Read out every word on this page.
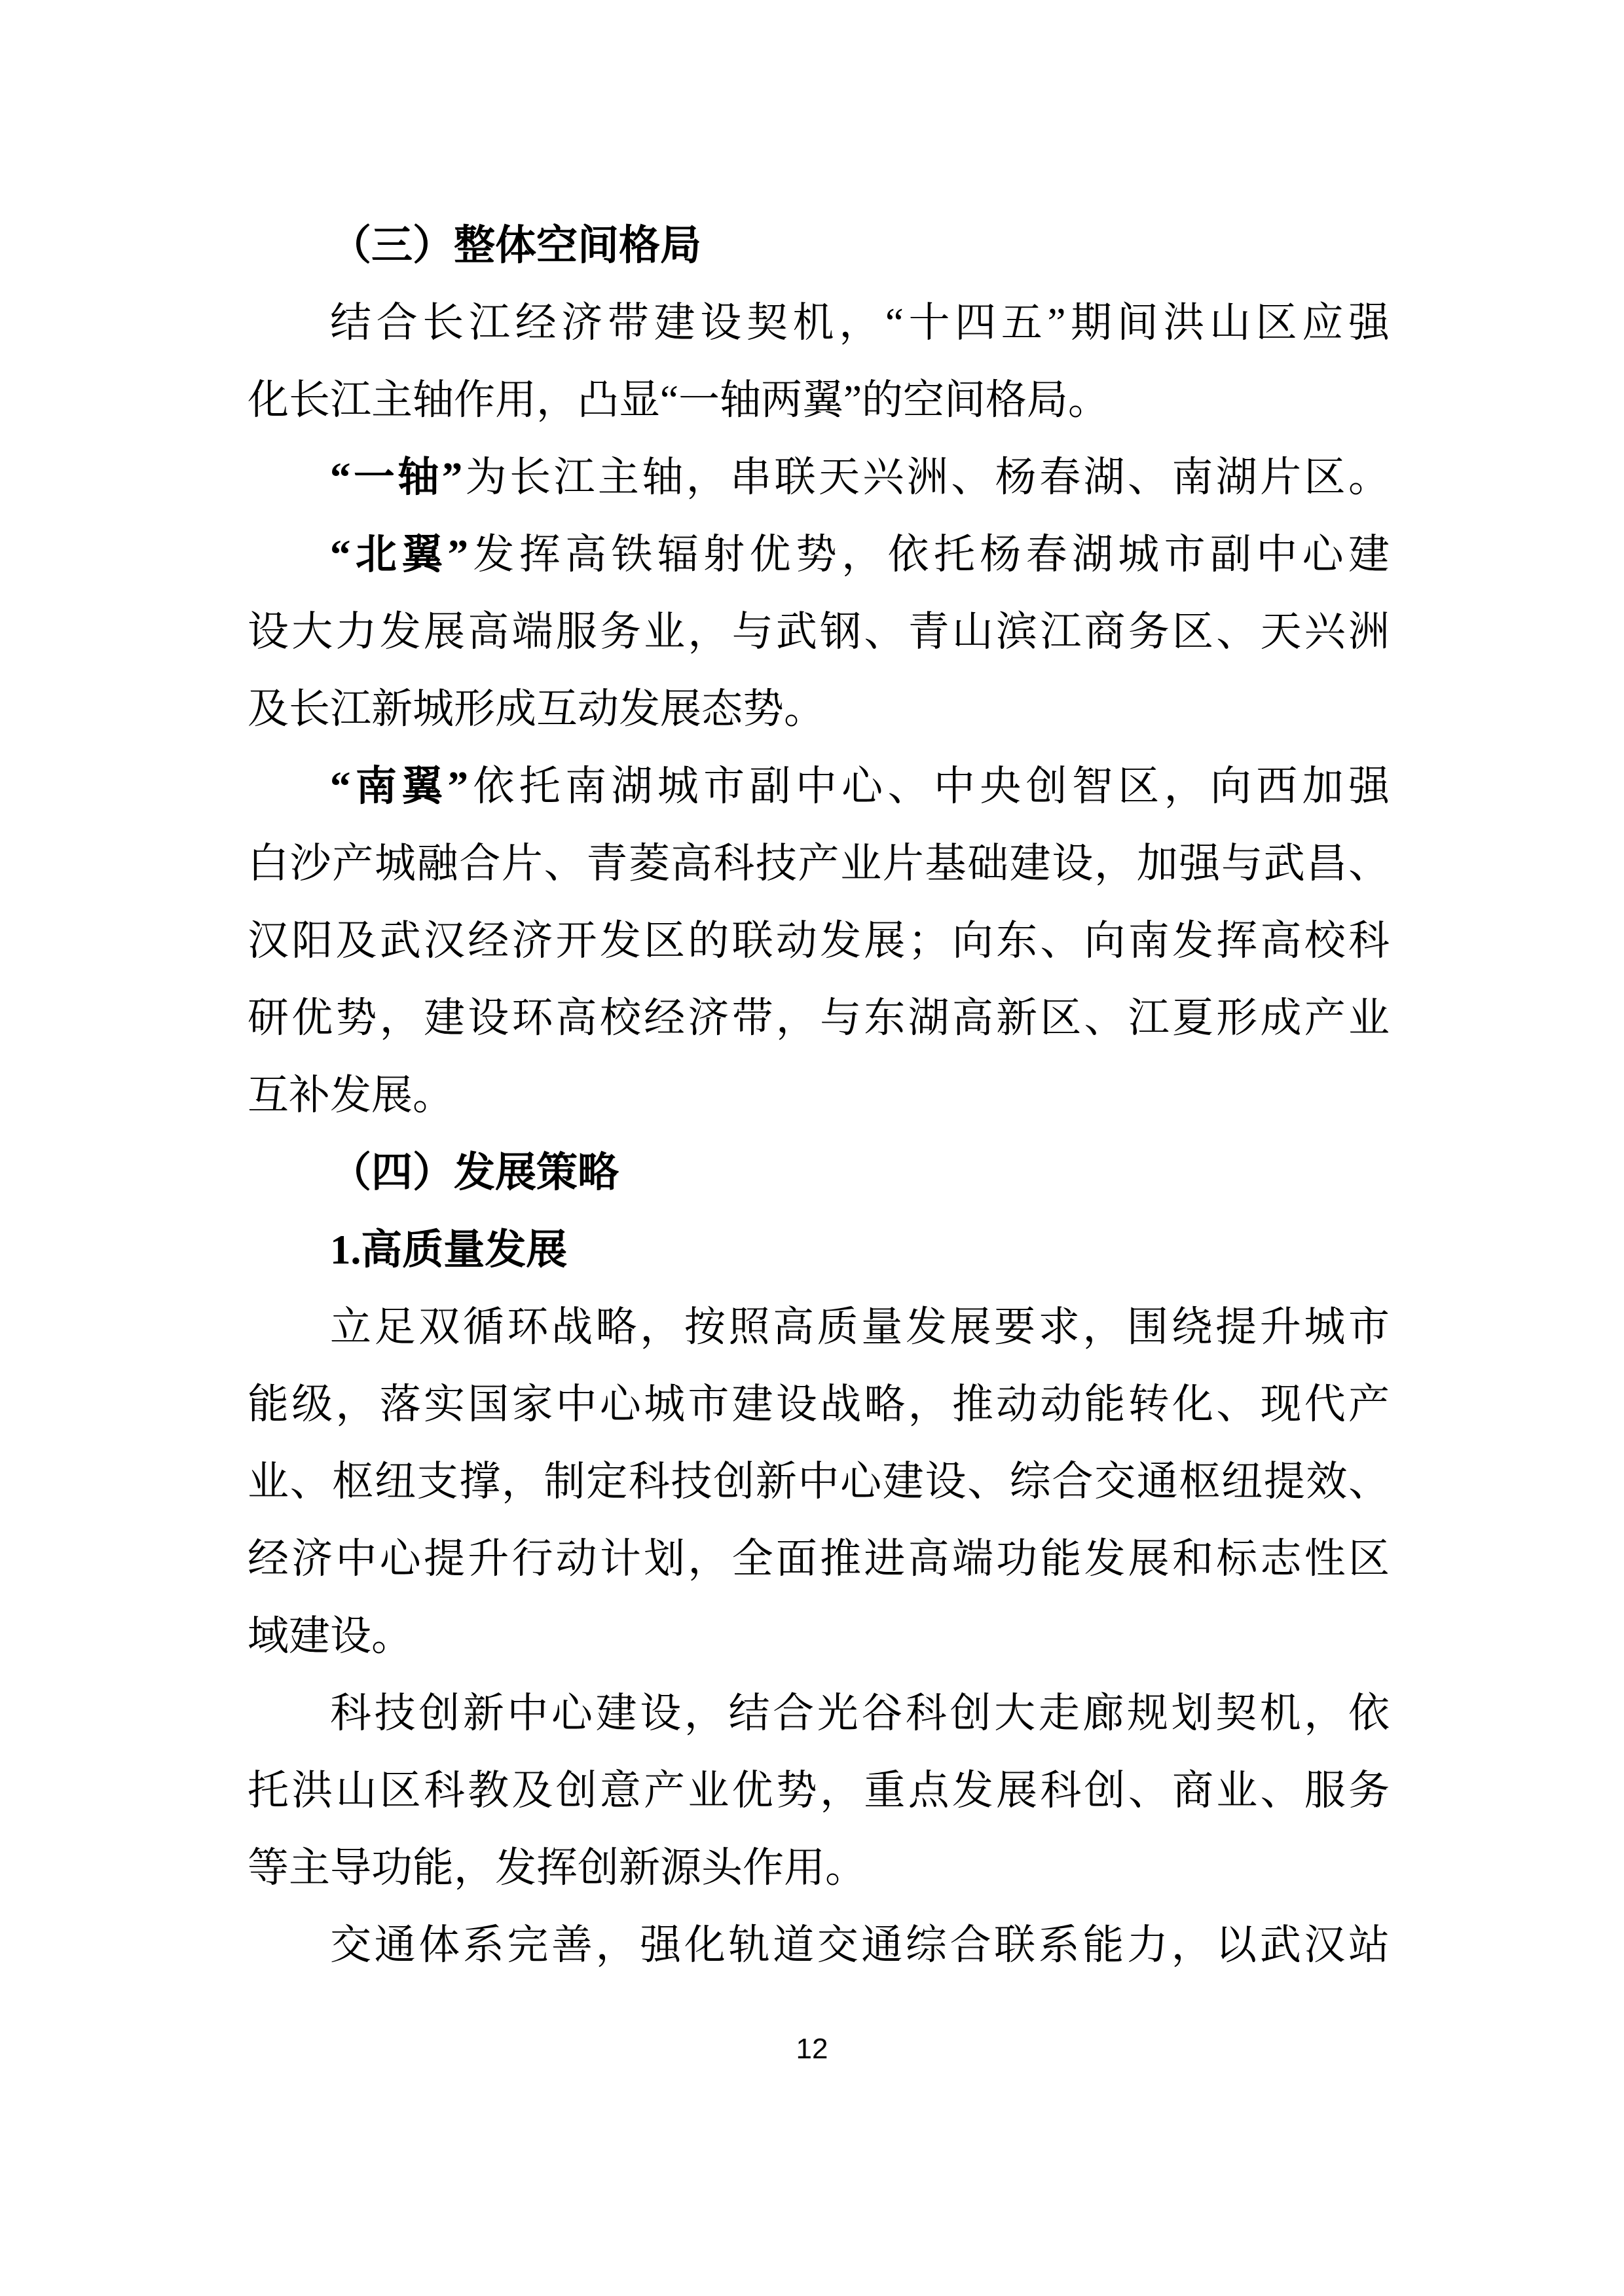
（三）整体空间格局
结合长江经济带建设契机，“十四五”期间洪山区应强
化长江主轴作用，凸显“一轴两翼”的空间格局。
“一轴”为长江主轴，串联天兴洲、杨春湖、南湖片区。
“北翼”发挥高铁辐射优势，依托杨春湖城市副中心建
设大力发展高端服务业，与武钢、青山滨江商务区、天兴洲
及长江新城形成互动发展态势。
“南翼”依托南湖城市副中心、中央创智区，向西加强
白沙产城融合片、青菱高科技产业片基础建设，加强与武昌、
汉阳及武汉经济开发区的联动发展；向东、向南发挥高校科
研优势，建设环高校经济带，与东湖高新区、江夏形成产业
互补发展。
（四）发展策略
1.高质量发展
立足双循环战略，按照高质量发展要求，围绕提升城市
能级，落实国家中心城市建设战略，推动动能转化、现代产
业、枢纽支撑，制定科技创新中心建设、综合交通枢纽提效、
经济中心提升行动计划，全面推进高端功能发展和标志性区
域建设。
科技创新中心建设，结合光谷科创大走廊规划契机，依
托洪山区科教及创意产业优势，重点发展科创、商业、服务
等主导功能，发挥创新源头作用。
交通体系完善，强化轨道交通综合联系能力，以武汉站
12
